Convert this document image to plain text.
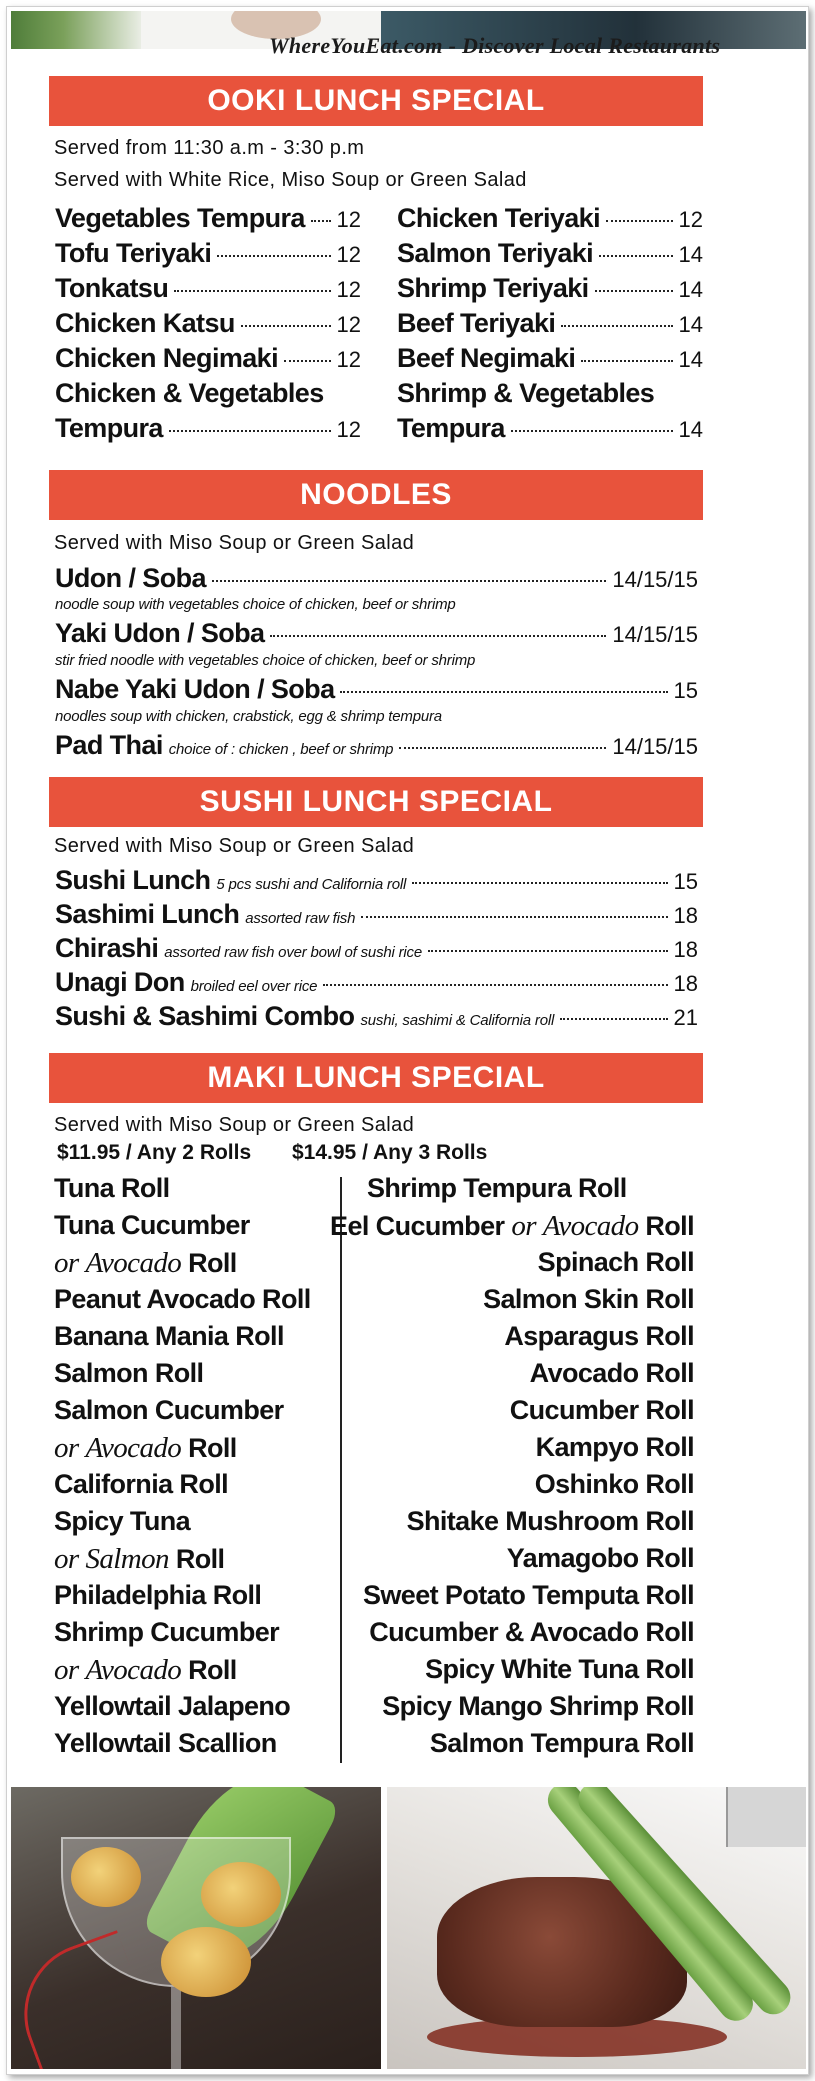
WhereYouEat.com - Discover Local Restaurants
OOKI LUNCH SPECIAL
Served from 11:30 a.m - 3:30 p.m
Served with White Rice, Miso Soup or Green Salad
Vegetables Tempura 12
Tofu Teriyaki	12
Tonkatsu	12
Chicken Katsu	12
Chicken Negimaki	12
Chicken & Vegetables
Tempura	12
Chicken Teriyaki	12
Salmon Teriyaki	14
Shrimp Teriyaki	14
Beef Teriyaki	14
Beef Negimaki	14
Shrimp & Vegetables
Tempura	14
NOODLES
Served with Miso Soup or Green Salad
Udon / Soba	14/15/15
noodle soup with vegetables choice of chicken, beef or shrimp
Yaki Udon / Soba	14/15/15
stir fried noodle with vegetables choice of chicken, beef or shrimp
Nabe Yaki Udon / Soba	15
noodles soup with chicken, crabstick, egg & shrimp tempura
Pad Thai choice of : chicken , beef or shrimp	14/15/15
SUSHI LUNCH SPECIAL
Served with Miso Soup or Green Salad
Sushi Lunch 5 pcs sushi and California roll	15
Sashimi Lunch assorted raw fish	18
Chirashi assorted raw fish over bowl of sushi rice	18
Unagi Don broiled eel over rice	18
Sushi & Sashimi Combo sushi, sashimi & California roll	21
MAKI LUNCH SPECIAL
Served with Miso Soup or Green Salad
$11.95 / Any 2 Rolls $14.95 / Any 3 Rolls
Tuna Roll
Tuna Cucumber
or Avocado Roll
Peanut Avocado Roll
Banana Mania Roll
Salmon Roll
Salmon Cucumber
or Avocado Roll
California Roll
Spicy Tuna
or Salmon Roll
Philadelphia Roll
Shrimp Cucumber
or Avocado Roll
Yellowtail Jalapeno
Yellowtail Scallion
Shrimp Tempura Roll
Eel Cucumber or Avocado Roll
Spinach Roll
Salmon Skin Roll
Asparagus Roll
Avocado Roll
Cucumber Roll
Kampyo Roll
Oshinko Roll
Shitake Mushroom Roll
Yamagobo Roll
Sweet Potato Temputa Roll
Cucumber & Avocado Roll
Spicy White Tuna Roll
Spicy Mango Shrimp Roll
Salmon Tempura Roll
